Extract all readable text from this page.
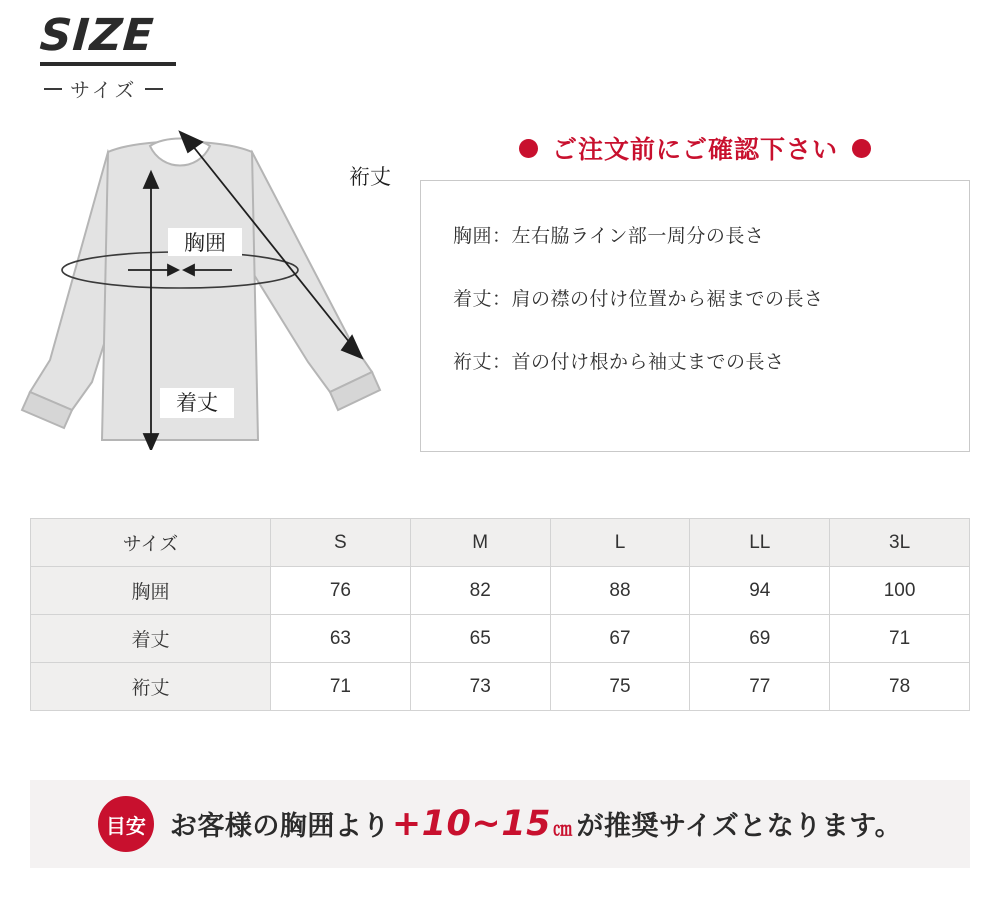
SIZE
サイズ
胸囲
着丈
裄丈
ご注文前にご確認下さい
胸囲：左右脇ライン部一周分の長さ
着丈：肩の襟の付け位置から裾までの長さ
裄丈：首の付け根から袖丈までの長さ
サイズ	S	M	L	LL	3L
胸囲	76	82	88	94	100
着丈	63	65	67	69	71
裄丈	71	73	75	77	78
目安 お客様の胸囲より +10~15 ㎝ が推奨サイズとなります。
